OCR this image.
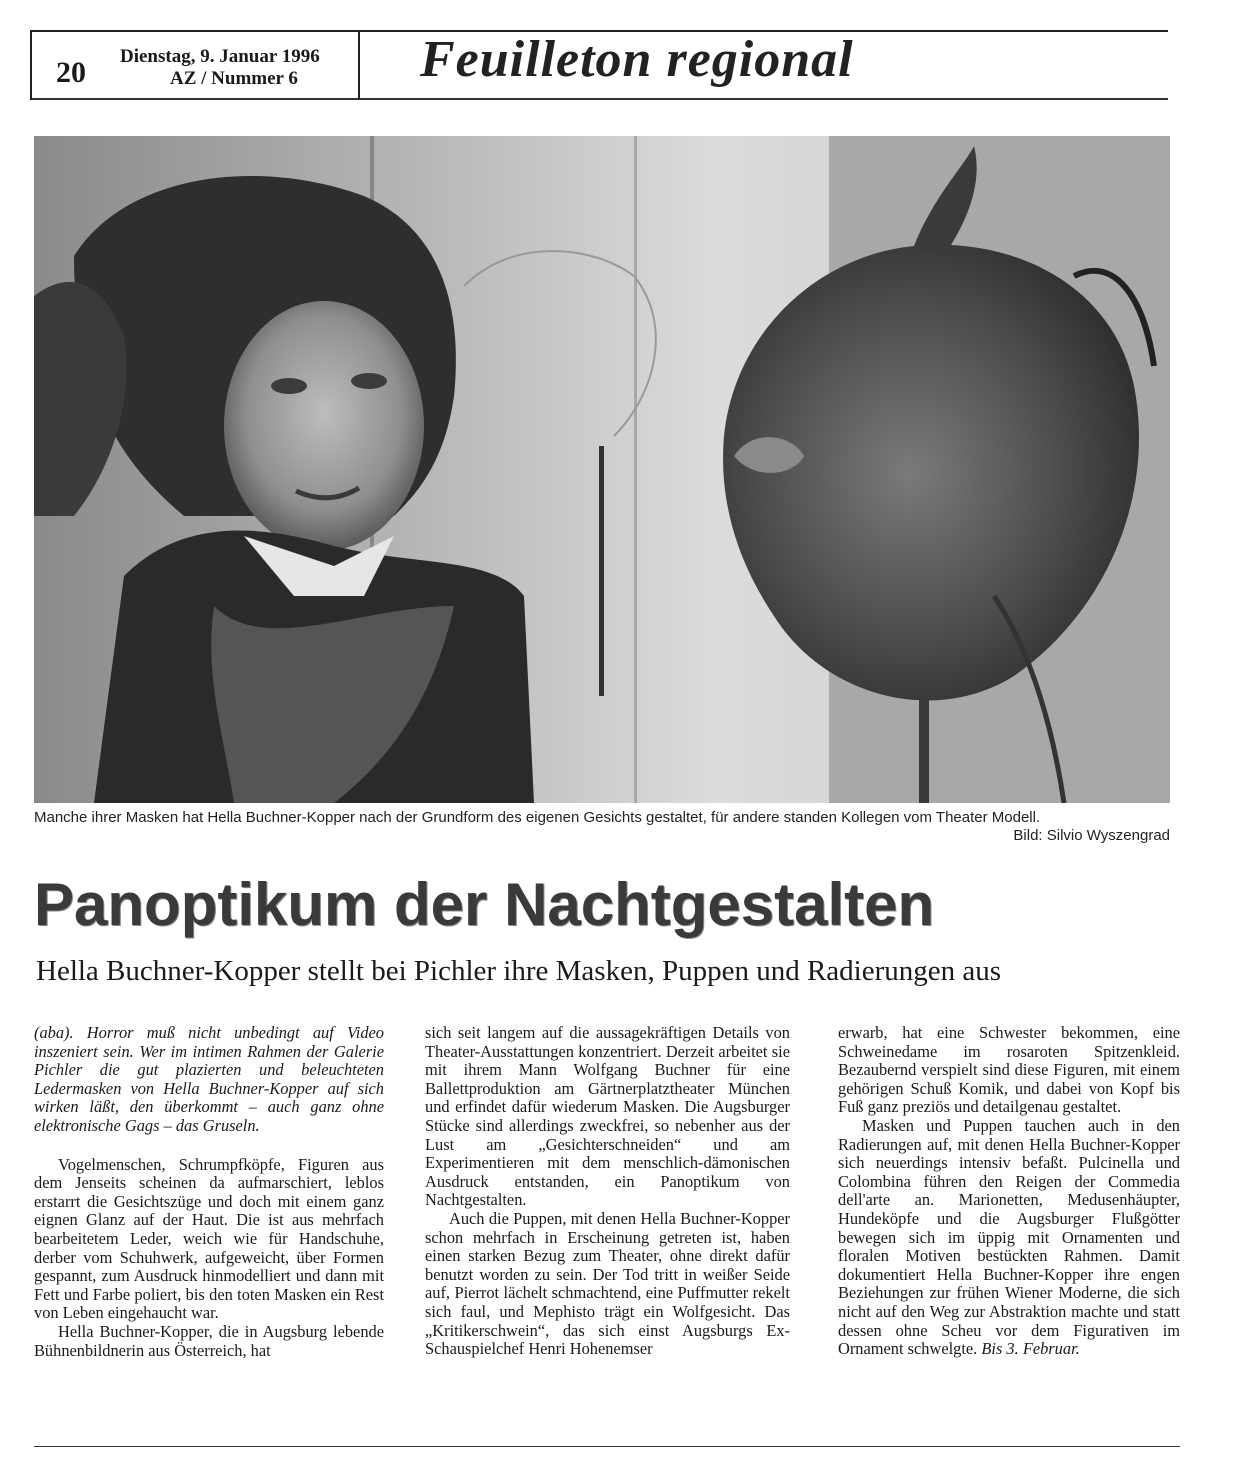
20 Dienstag, 9. Januar 1996
AZ / Nummer 6 Feuilleton regional
Manche ihrer Masken hat Hella Buchner-Kopper nach der Grundform des eigenen Gesichts gestaltet, für andere standen Kollegen vom Theater Modell.
Bild: Silvio Wyszengrad
Panoptikum der Nachtgestalten
Hella Buchner-Kopper stellt bei Pichler ihre Masken, Puppen und Radierungen aus

(aba). Horror muß nicht unbedingt auf Video inszeniert sein. Wer im intimen Rahmen der Galerie Pichler die gut plazierten und beleuchteten Ledermasken von Hella Buchner-Kopper auf sich wirken läßt, den überkommt – auch ganz ohne elektronische Gags – das Gruseln.

Vogelmenschen, Schrumpfköpfe, Figuren aus dem Jenseits scheinen da aufmarschiert, leblos erstarrt die Gesichtszüge und doch mit einem ganz eignen Glanz auf der Haut. Die ist aus mehrfach bearbeitetem Leder, weich wie für Handschuhe, derber vom Schuhwerk, aufgeweicht, über Formen gespannt, zum Ausdruck hinmodelliert und dann mit Fett und Farbe poliert, bis den toten Masken ein Rest von Leben eingehaucht war.

Hella Buchner-Kopper, die in Augsburg lebende Bühnenbildnerin aus Österreich, hat

sich seit langem auf die aussagekräftigen Details von Theater-Ausstattungen konzentriert. Derzeit arbeitet sie mit ihrem Mann Wolfgang Buchner für eine Ballettproduktion am Gärtnerplatztheater München und erfindet dafür wiederum Masken. Die Augsburger Stücke sind allerdings zweckfrei, so nebenher aus der Lust am „Gesichterschneiden“ und am Experimentieren mit dem menschlich-dämonischen Ausdruck entstanden, ein Panoptikum von Nachtgestalten.

Auch die Puppen, mit denen Hella Buchner-Kopper schon mehrfach in Erscheinung getreten ist, haben einen starken Bezug zum Theater, ohne direkt dafür benutzt worden zu sein. Der Tod tritt in weißer Seide auf, Pierrot lächelt schmachtend, eine Puffmutter rekelt sich faul, und Mephisto trägt ein Wolfgesicht. Das „Kritikerschwein“, das sich einst Augsburgs Ex-Schauspielchef Henri Hohenemser

erwarb, hat eine Schwester bekommen, eine Schweinedame im rosaroten Spitzenkleid. Bezaubernd verspielt sind diese Figuren, mit einem gehörigen Schuß Komik, und dabei von Kopf bis Fuß ganz preziös und detailgenau gestaltet.

Masken und Puppen tauchen auch in den Radierungen auf, mit denen Hella Buchner-Kopper sich neuerdings intensiv befaßt. Pulcinella und Colombina führen den Reigen der Commedia dell'arte an. Marionetten, Medusenhäupter, Hundeköpfe und die Augsburger Flußgötter bewegen sich im üppig mit Ornamenten und floralen Motiven bestückten Rahmen. Damit dokumentiert Hella Buchner-Kopper ihre engen Beziehungen zur frühen Wiener Moderne, die sich nicht auf den Weg zur Abstraktion machte und statt dessen ohne Scheu vor dem Figurativen im Ornament schwelgte. Bis 3. Februar.
